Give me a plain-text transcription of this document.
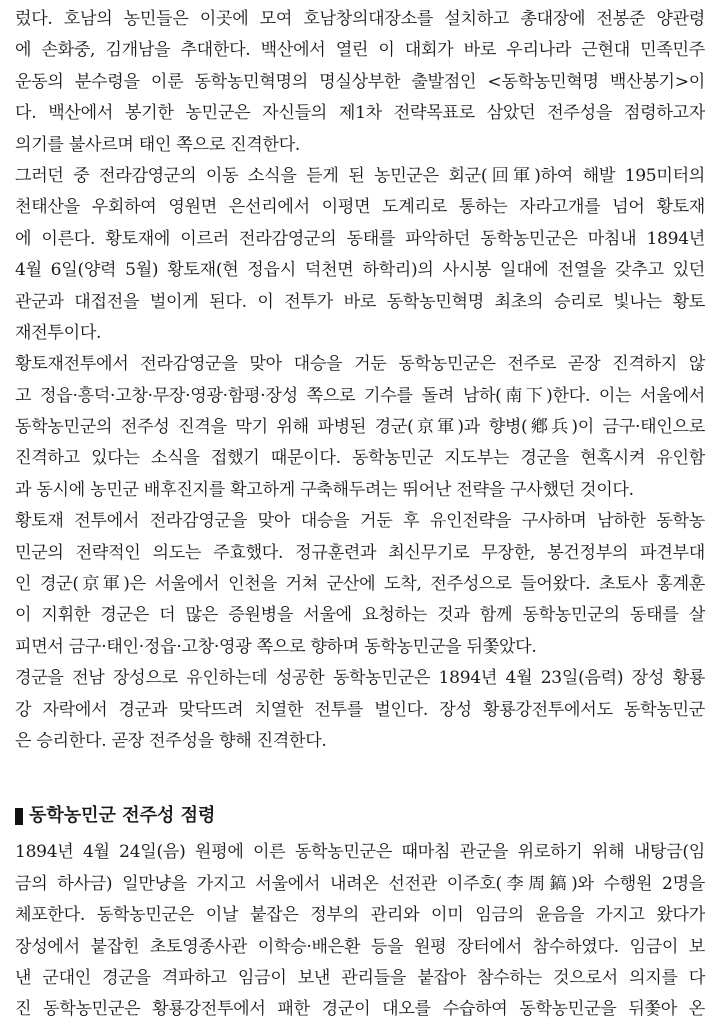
렀다. 호남의 농민들은 이곳에 모여 호남창의대장소를 설치하고 총대장에 전봉준 양관령
에 손화중, 김개남을 추대한다. 백산에서 열린 이 대회가 바로 우리나라 근현대 민족민주
운동의 분수령을 이룬 동학농민혁명의 명실상부한 출발점인 <동학농민혁명 백산봉기>이
다. 백산에서 봉기한 농민군은 자신들의 제1차 전략목표로 삼았던 전주성을 점령하고자
의기를 불사르며 태인 쪽으로 진격한다.
그러던 중 전라감영군의 이동 소식을 듣게 된 농민군은 회군(回軍)하여 해발 195미터의
천태산을 우회하여 영원면 은선리에서 이평면 도계리로 통하는 자라고개를 넘어 황토재
에 이른다. 황토재에 이르러 전라감영군의 동태를 파악하던 동학농민군은 마침내 1894년
4월 6일(양력 5월) 황토재(현 정읍시 덕천면 하학리)의 사시봉 일대에 전열을 갖추고 있던
관군과 대접전을 벌이게 된다. 이 전투가 바로 동학농민혁명 최초의 승리로 빛나는 황토
재전투이다.
황토재전투에서 전라감영군을 맞아 대승을 거둔 동학농민군은 전주로 곧장 진격하지 않
고 정읍·흥덕·고창·무장·영광·함평·장성 쪽으로 기수를 돌려 남하(南下)한다. 이는 서울에서
동학농민군의 전주성 진격을 막기 위해 파병된 경군(京軍)과 향병(鄕兵)이 금구·태인으로
진격하고 있다는 소식을 접했기 때문이다. 동학농민군 지도부는 경군을 현혹시켜 유인함
과 동시에 농민군 배후진지를 확고하게 구축해두려는 뛰어난 전략을 구사했던 것이다.
황토재 전투에서 전라감영군을 맞아 대승을 거둔 후 유인전략을 구사하며 남하한 동학농
민군의 전략적인 의도는 주효했다. 정규훈련과 최신무기로 무장한, 봉건정부의 파견부대
인 경군(京軍)은 서울에서 인천을 거쳐 군산에 도착, 전주성으로 들어왔다. 초토사 홍계훈
이 지휘한 경군은 더 많은 증원병을 서울에 요청하는 것과 함께 동학농민군의 동태를 살
피면서 금구·태인·정읍·고창·영광 쪽으로 향하며 동학농민군을 뒤쫓았다.
경군을 전남 장성으로 유인하는데 성공한 동학농민군은 1894년 4월 23일(음력) 장성 황룡
강 자락에서 경군과 맞닥뜨려 치열한 전투를 벌인다. 장성 황룡강전투에서도 동학농민군
은 승리한다. 곧장 전주성을 향해 진격한다.
동학농민군 전주성 점령
1894년 4월 24일(음) 원평에 이른 동학농민군은 때마침 관군을 위로하기 위해 내탕금(임
금의 하사금) 일만냥을 가지고 서울에서 내려온 선전관 이주호(李周鎬)와 수행원 2명을
체포한다. 동학농민군은 이날 붙잡은 정부의 관리와 이미 임금의 윤음을 가지고 왔다가
장성에서 붙잡힌 초토영종사관 이학승·배은환 등을 원평 장터에서 참수하였다. 임금이 보
낸 군대인 경군을 격파하고 임금이 보낸 관리들을 붙잡아 참수하는 것으로서 의지를 다
진 동학농민군은 황룡강전투에서 패한 경군이 대오를 수습하여 동학농민군을 뒤쫓아 온
